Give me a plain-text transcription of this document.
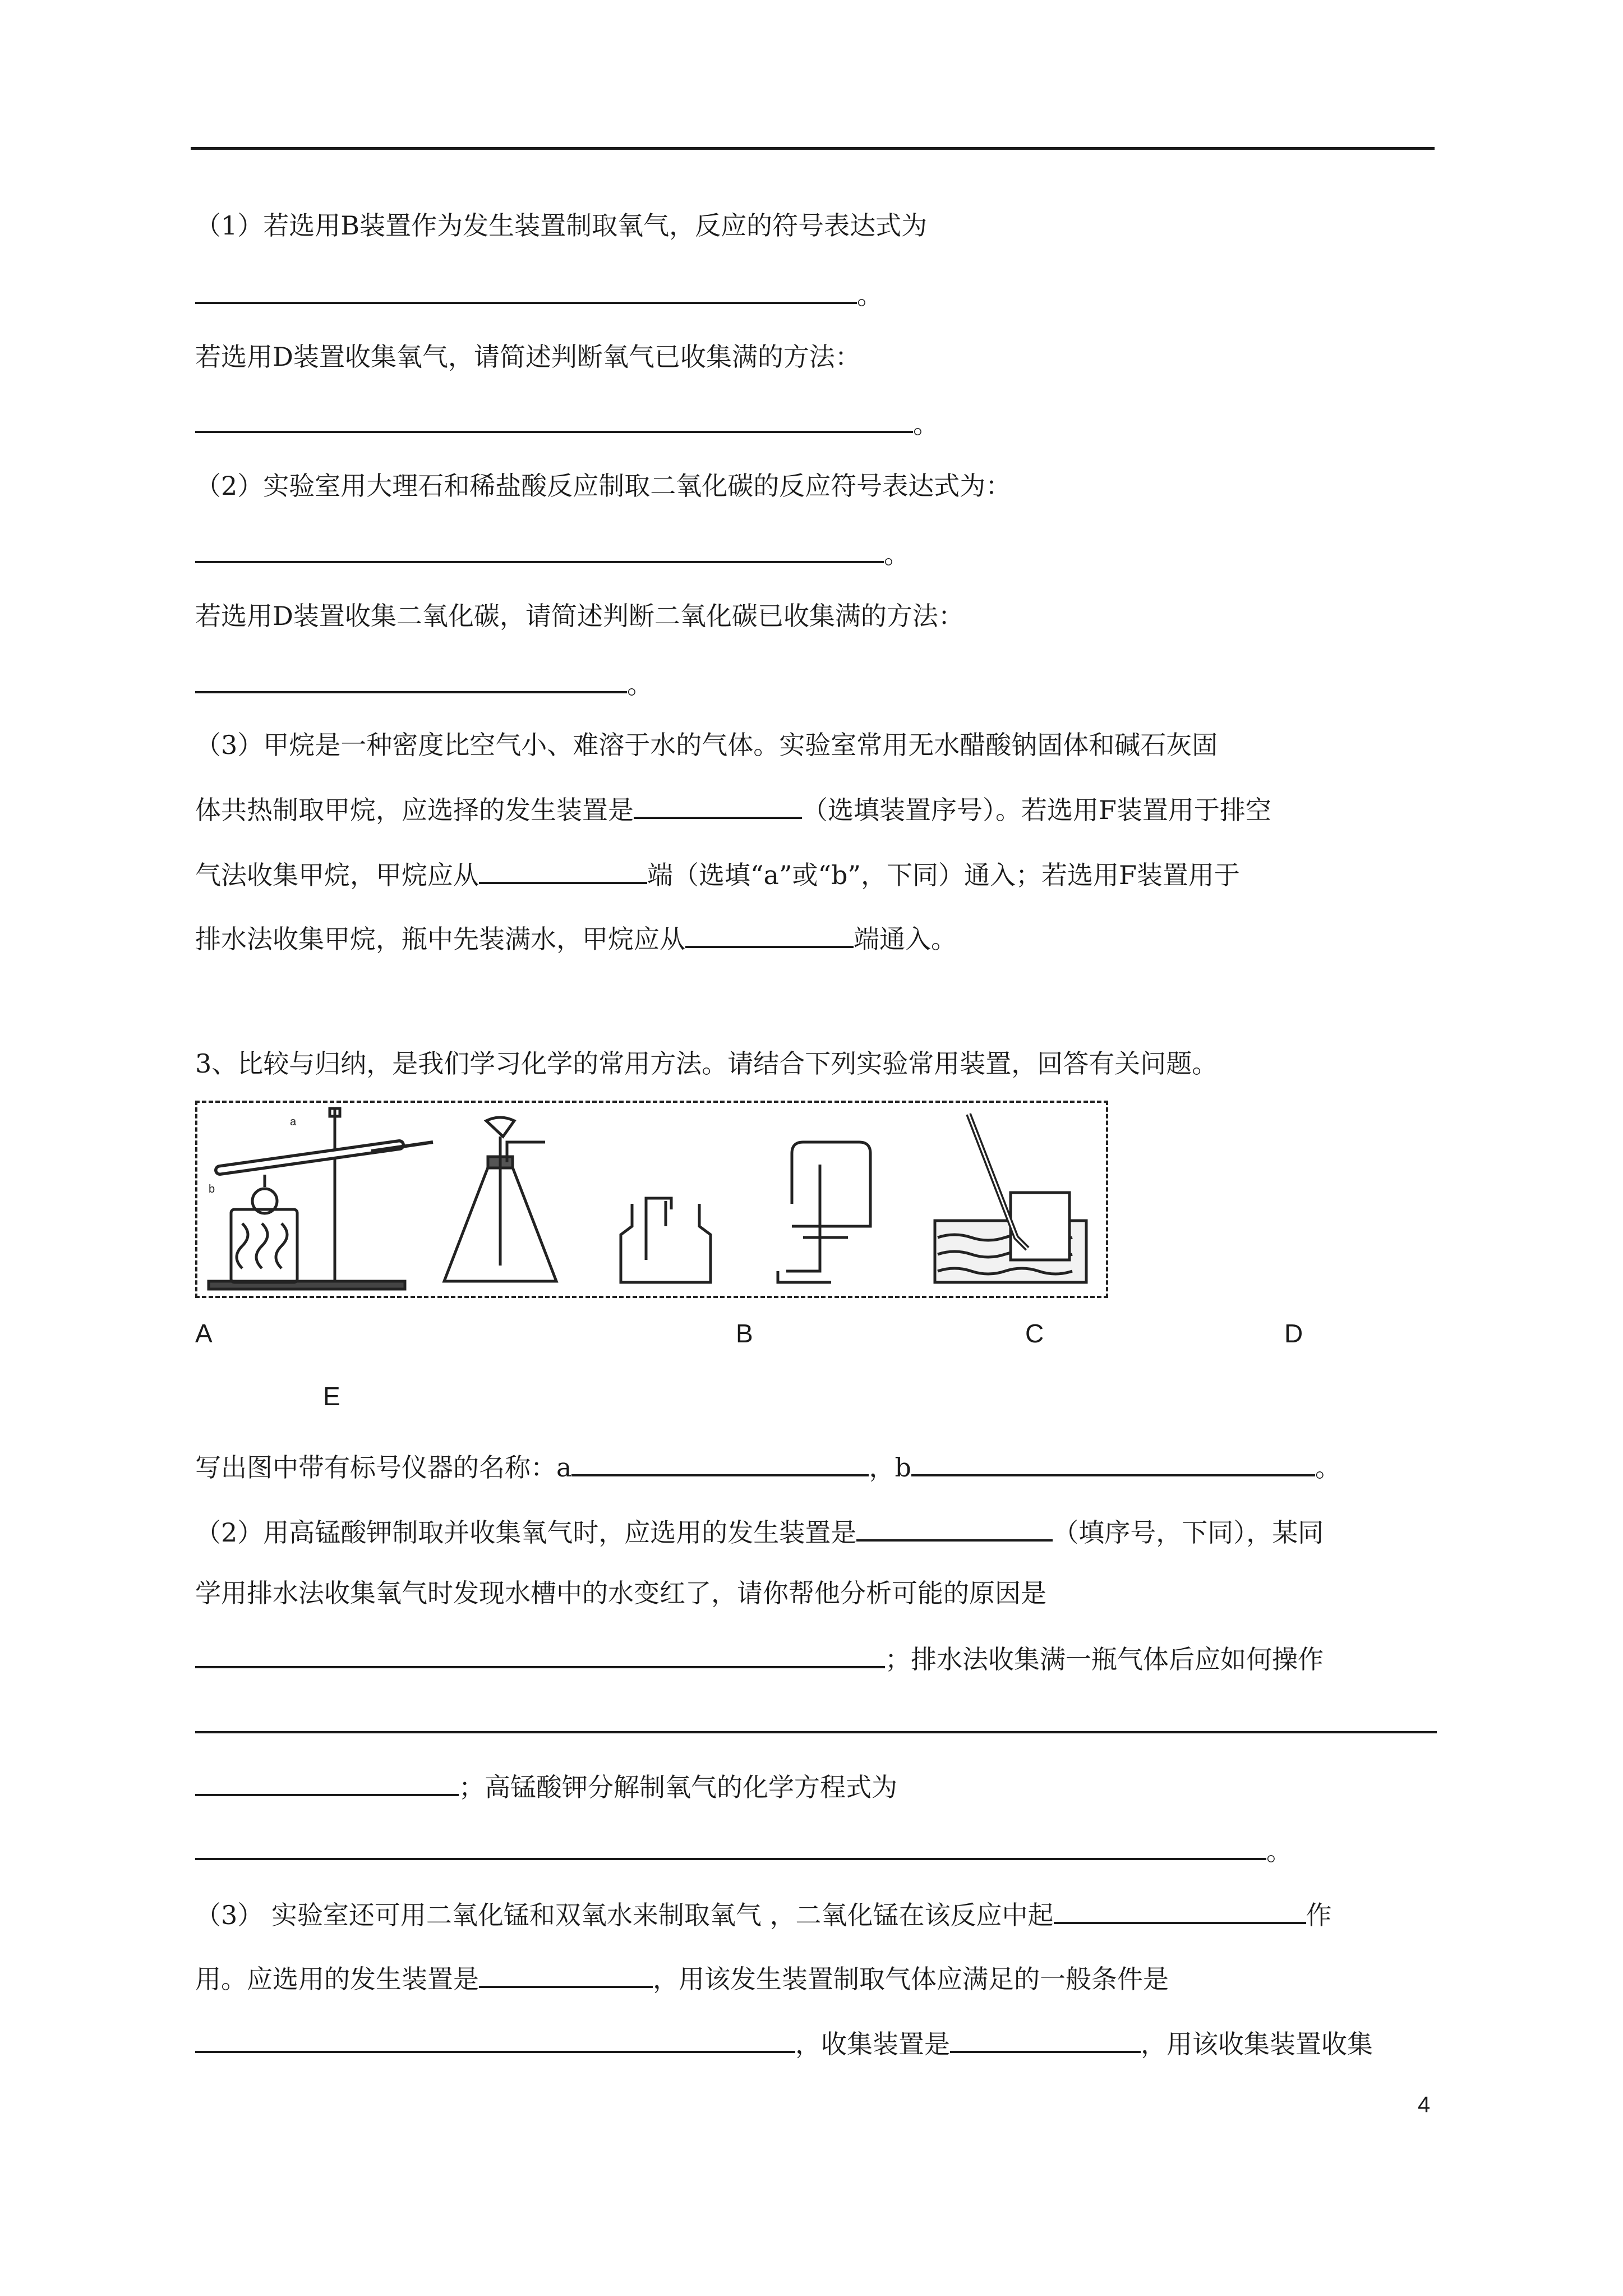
（1）若选用B装置作为发生装置制取氧气，反应的符号表达式为
。
若选用D装置收集氧气，请简述判断氧气已收集满的方法：
。
（2）实验室用大理石和稀盐酸反应制取二氧化碳的反应符号表达式为：
。
若选用D装置收集二氧化碳，请简述判断二氧化碳已收集满的方法：
。
（3）甲烷是一种密度比空气小、难溶于水的气体。实验室常用无水醋酸钠固体和碱石灰固
体共热制取甲烷，应选择的发生装置是	（选填装置序号）。若选用F装置用于排空
气法收集甲烷，甲烷应从	端（选填“a”或“b”，下同）通入；若选用F装置用于
排水法收集甲烷，瓶中先装满水，甲烷应从	端通入。
3、比较与归纳，是我们学习化学的常用方法。请结合下列实验常用装置，回答有关问题。
a
b
A	B	C	D
E
写出图中带有标号仪器的名称：a	，b	。
（2）用高锰酸钾制取并收集氧气时，应选用的发生装置是	（填序号，下同），某同
学用排水法收集氧气时发现水槽中的水变红了，请你帮他分析可能的原因是
；排水法收集满一瓶气体后应如何操作
；高锰酸钾分解制氧气的化学方程式为
。
（3） 实验室还可用二氧化锰和双氧水来制取氧气 ，二氧化锰在该反应中起	作
用。应选用的发生装置是	，用该发生装置制取气体应满足的一般条件是
，收集装置是	，用该收集装置收集
4
